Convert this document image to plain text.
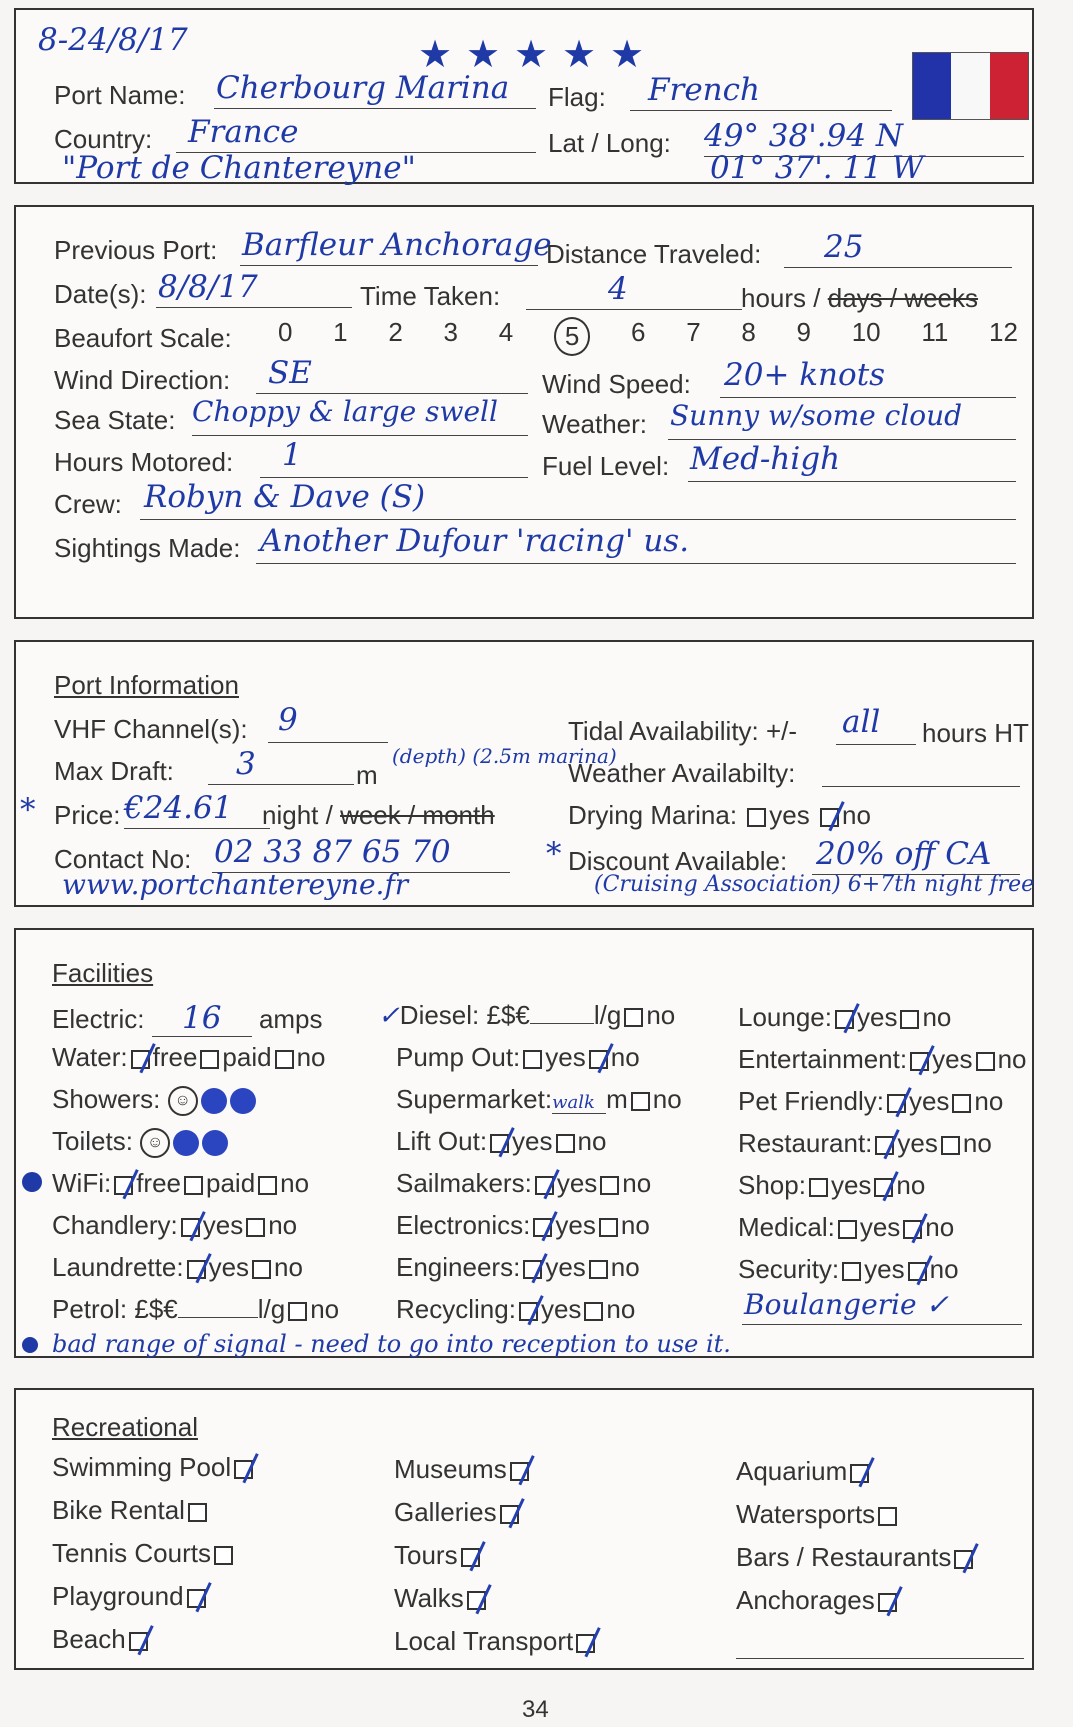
8-24/8/17	★ ★ ★ ★ ★
Port Name: Cherbourg Marina Flag: French
Country: France
"Port de Chantereyne"
Lat / Long: 49° 38'.94 N
01° 37'. 11 W
Previous Port: Barfleur Anchorage
Distance Traveled: 25
Date(s): 8/8/17	Time Taken:	4	hours / days / weeks
Beaufort Scale: 0 1 2 3 4	5	6 7 8 9 10 11 12
Wind Direction: SE	Wind Speed: 20+ knots
Sea State: Choppy & large swell Weather: Sunny w/some cloud
Hours Motored: 1	Fuel Level: Med-high
Crew: Robyn & Dave (S)
Sightings Made: Another Dufour 'racing' us.
Port Information
VHF Channel(s): 9	Tidal Availability: +/- all hours HT
Max Draft: 3	m
(depth) (2.5m marina)
Weather Availabilty:
* Price: €24.61 night / week / month	Drying Marina: yes no
Contact No: 02 33 87 65 70
www.portchantereyne.fr
* Discount Available: 20% off CA
(Cruising Association) 6+7th night free
Facilities
Electric: 16 amps
Water: free paid no
Showers: ☺
Toilets: ☺
WiFi: free paid no
Chandlery: yes no
Laundrette: yes no
Petrol: £$€	l/g no
✓Diesel: £$€ l/g no
Pump Out: yes no
Supermarket:walk m no
Lift Out: yes no
Sailmakers: yes no
Electronics: yes no
Engineers: yes no
Recycling: yes no
Lounge: yes no
Entertainment: yes no
Pet Friendly: yes no
Restaurant: yes no
Shop: yes no
Medical: yes no
Security: yes no
Boulangerie ✓
bad range of signal - need to go into reception to use it.
Recreational
Swimming Pool
Bike Rental
Tennis Courts
Playground
Beach
Museums
Galleries
Tours
Walks
Local Transport
Aquarium
Watersports
Bars / Restaurants
Anchorages
34
